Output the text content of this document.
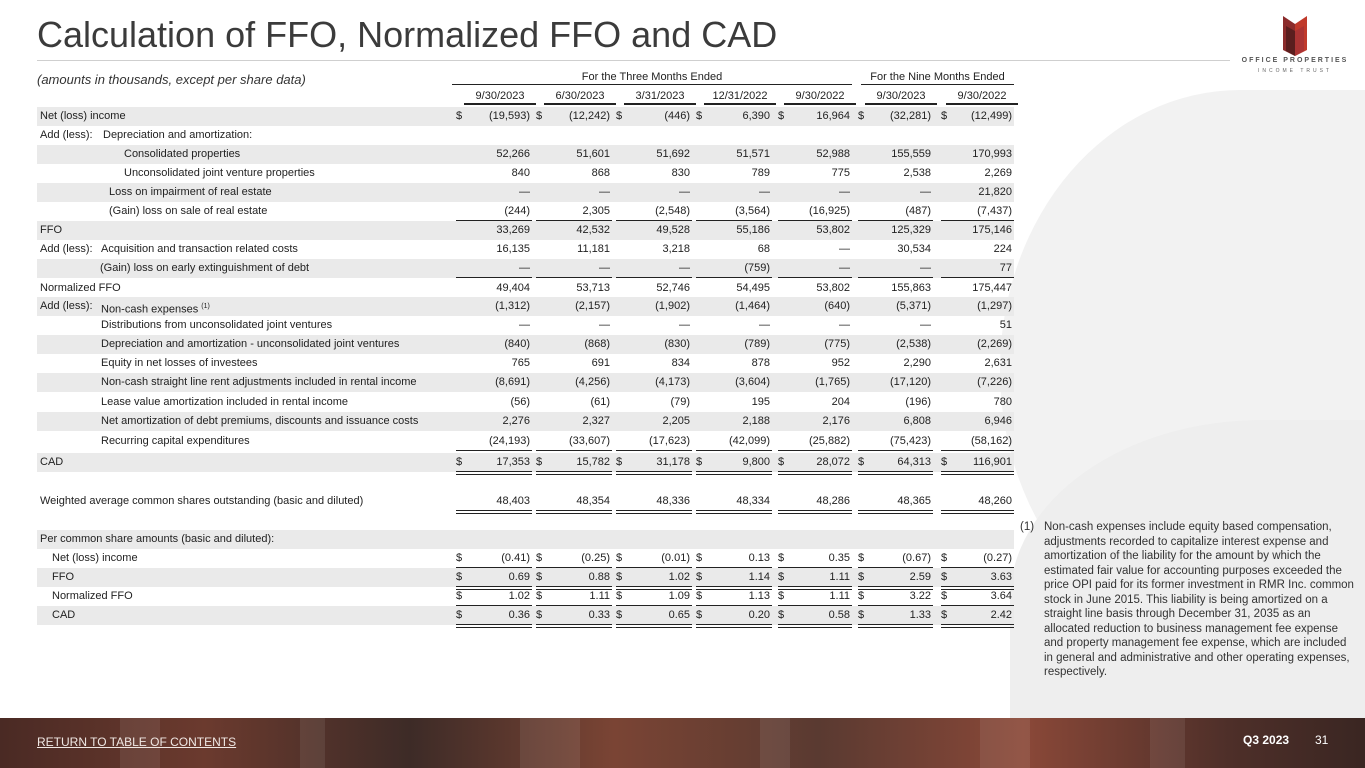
Calculation of FFO, Normalized FFO and CAD
OFFICE PROPERTIES
INCOME TRUST
(amounts in thousands, except per share data)	For the Three Months Ended	For the Nine Months Ended
9/30/2023	6/30/2023	3/31/2023	12/31/2022	9/30/2022	9/30/2023	9/30/2022
Net (loss) income	$	(19,593) $	(12,242) $	(446) $	6,390 $	16,964 $	(32,281) $	(12,499)
Add (less): Depreciation and amortization:
Consolidated properties	52,266	51,601	51,692	51,571	52,988	155,559	170,993
Unconsolidated joint venture properties	840	868	830	789	775	2,538	2,269
Loss on impairment of real estate	—	—	—	—	—	—	21,820
(Gain) loss on sale of real estate	(244)	2,305	(2,548)	(3,564)	(16,925)	(487)	(7,437)
FFO	33,269	42,532	49,528	55,186	53,802	125,329	175,146
Add (less): Acquisition and transaction related costs	16,135	11,181	3,218	68	—	30,534	224
(Gain) loss on early extinguishment of debt	—	—	—	(759)	—	—	77
Normalized FFO	49,404	53,713	52,746	54,495	53,802	155,863	175,447
Add (less): Non-cash expenses $^{(1)}$	(1,312)	(2,157)	(1,902)	(1,464)	(640)	(5,371)	(1,297)
Distributions from unconsolidated joint ventures	—	—	—	—	—	—	51
Depreciation and amortization - unconsolidated joint ventures	(840)	(868)	(830)	(789)	(775)	(2,538)	(2,269)
Equity in net losses of investees	765	691	834	878	952	2,290	2,631
Non-cash straight line rent adjustments included in rental income	(8,691)	(4,256)	(4,173)	(3,604)	(1,765)	(17,120)	(7,226)
Lease value amortization included in rental income	(56)	(61)	(79)	195	204	(196)	780
Net amortization of debt premiums, discounts and issuance costs	2,276	2,327	2,205	2,188	2,176	6,808	6,946
Recurring capital expenditures	(24,193)	(33,607)	(17,623)	(42,099)	(25,882)	(75,423)	(58,162)
CAD	$	17,353 $	15,782 $	31,178 $	9,800 $	28,072 $	64,313 $	116,901
Weighted average common shares outstanding (basic and diluted)	48,403	48,354	48,336	48,334	48,286	48,365	48,260
Per common share amounts (basic and diluted):
Net (loss) income	$	(0.41) $	(0.25) $	(0.01) $	0.13 $	0.35 $	(0.67) $	(0.27)
FFO	$	0.69 $	0.88 $	1.02 $	1.14 $	1.11 $	2.59 $	3.63
Normalized FFO	$	1.02 $	1.11 $	1.09 $	1.13 $	1.11 $	3.22 $	3.64
CAD	$	0.36 $	0.33 $	0.65 $	0.20 $	0.58 $	1.33 $	2.42
(1) Non-cash expenses include equity based compensation, adjustments recorded to capitalize interest expense and amortization of the liability for the amount by which the estimated fair value for accounting purposes exceeded the price OPI paid for its former investment in RMR Inc. common stock in June 2015. This liability is being amortized on a straight line basis through December 31, 2035 as an allocated reduction to business management fee expense and property management fee expense, which are included in general and administrative and other operating expenses, respectively.
RETURN TO TABLE OF CONTENTS	Q3 2023 31
